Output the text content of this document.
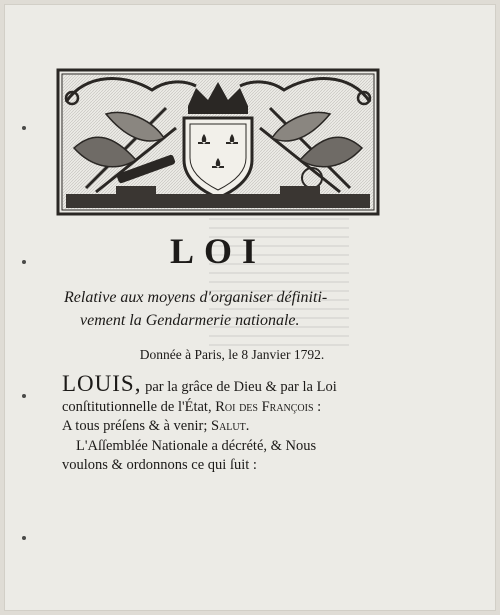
LOI
Relative aux moyens d'organiser définiti-
vement la Gendarmerie nationale.
Donnée à Paris, le 8 Janvier 1792.
LOUIS, par la grâce de Dieu & par la Loi
conſtitutionnelle de l'État, Roi des François :
A tous préſens & à venir; Salut.
L'Aſſemblée Nationale a décrété, & Nous
voulons & ordonnons ce qui ſuit :
